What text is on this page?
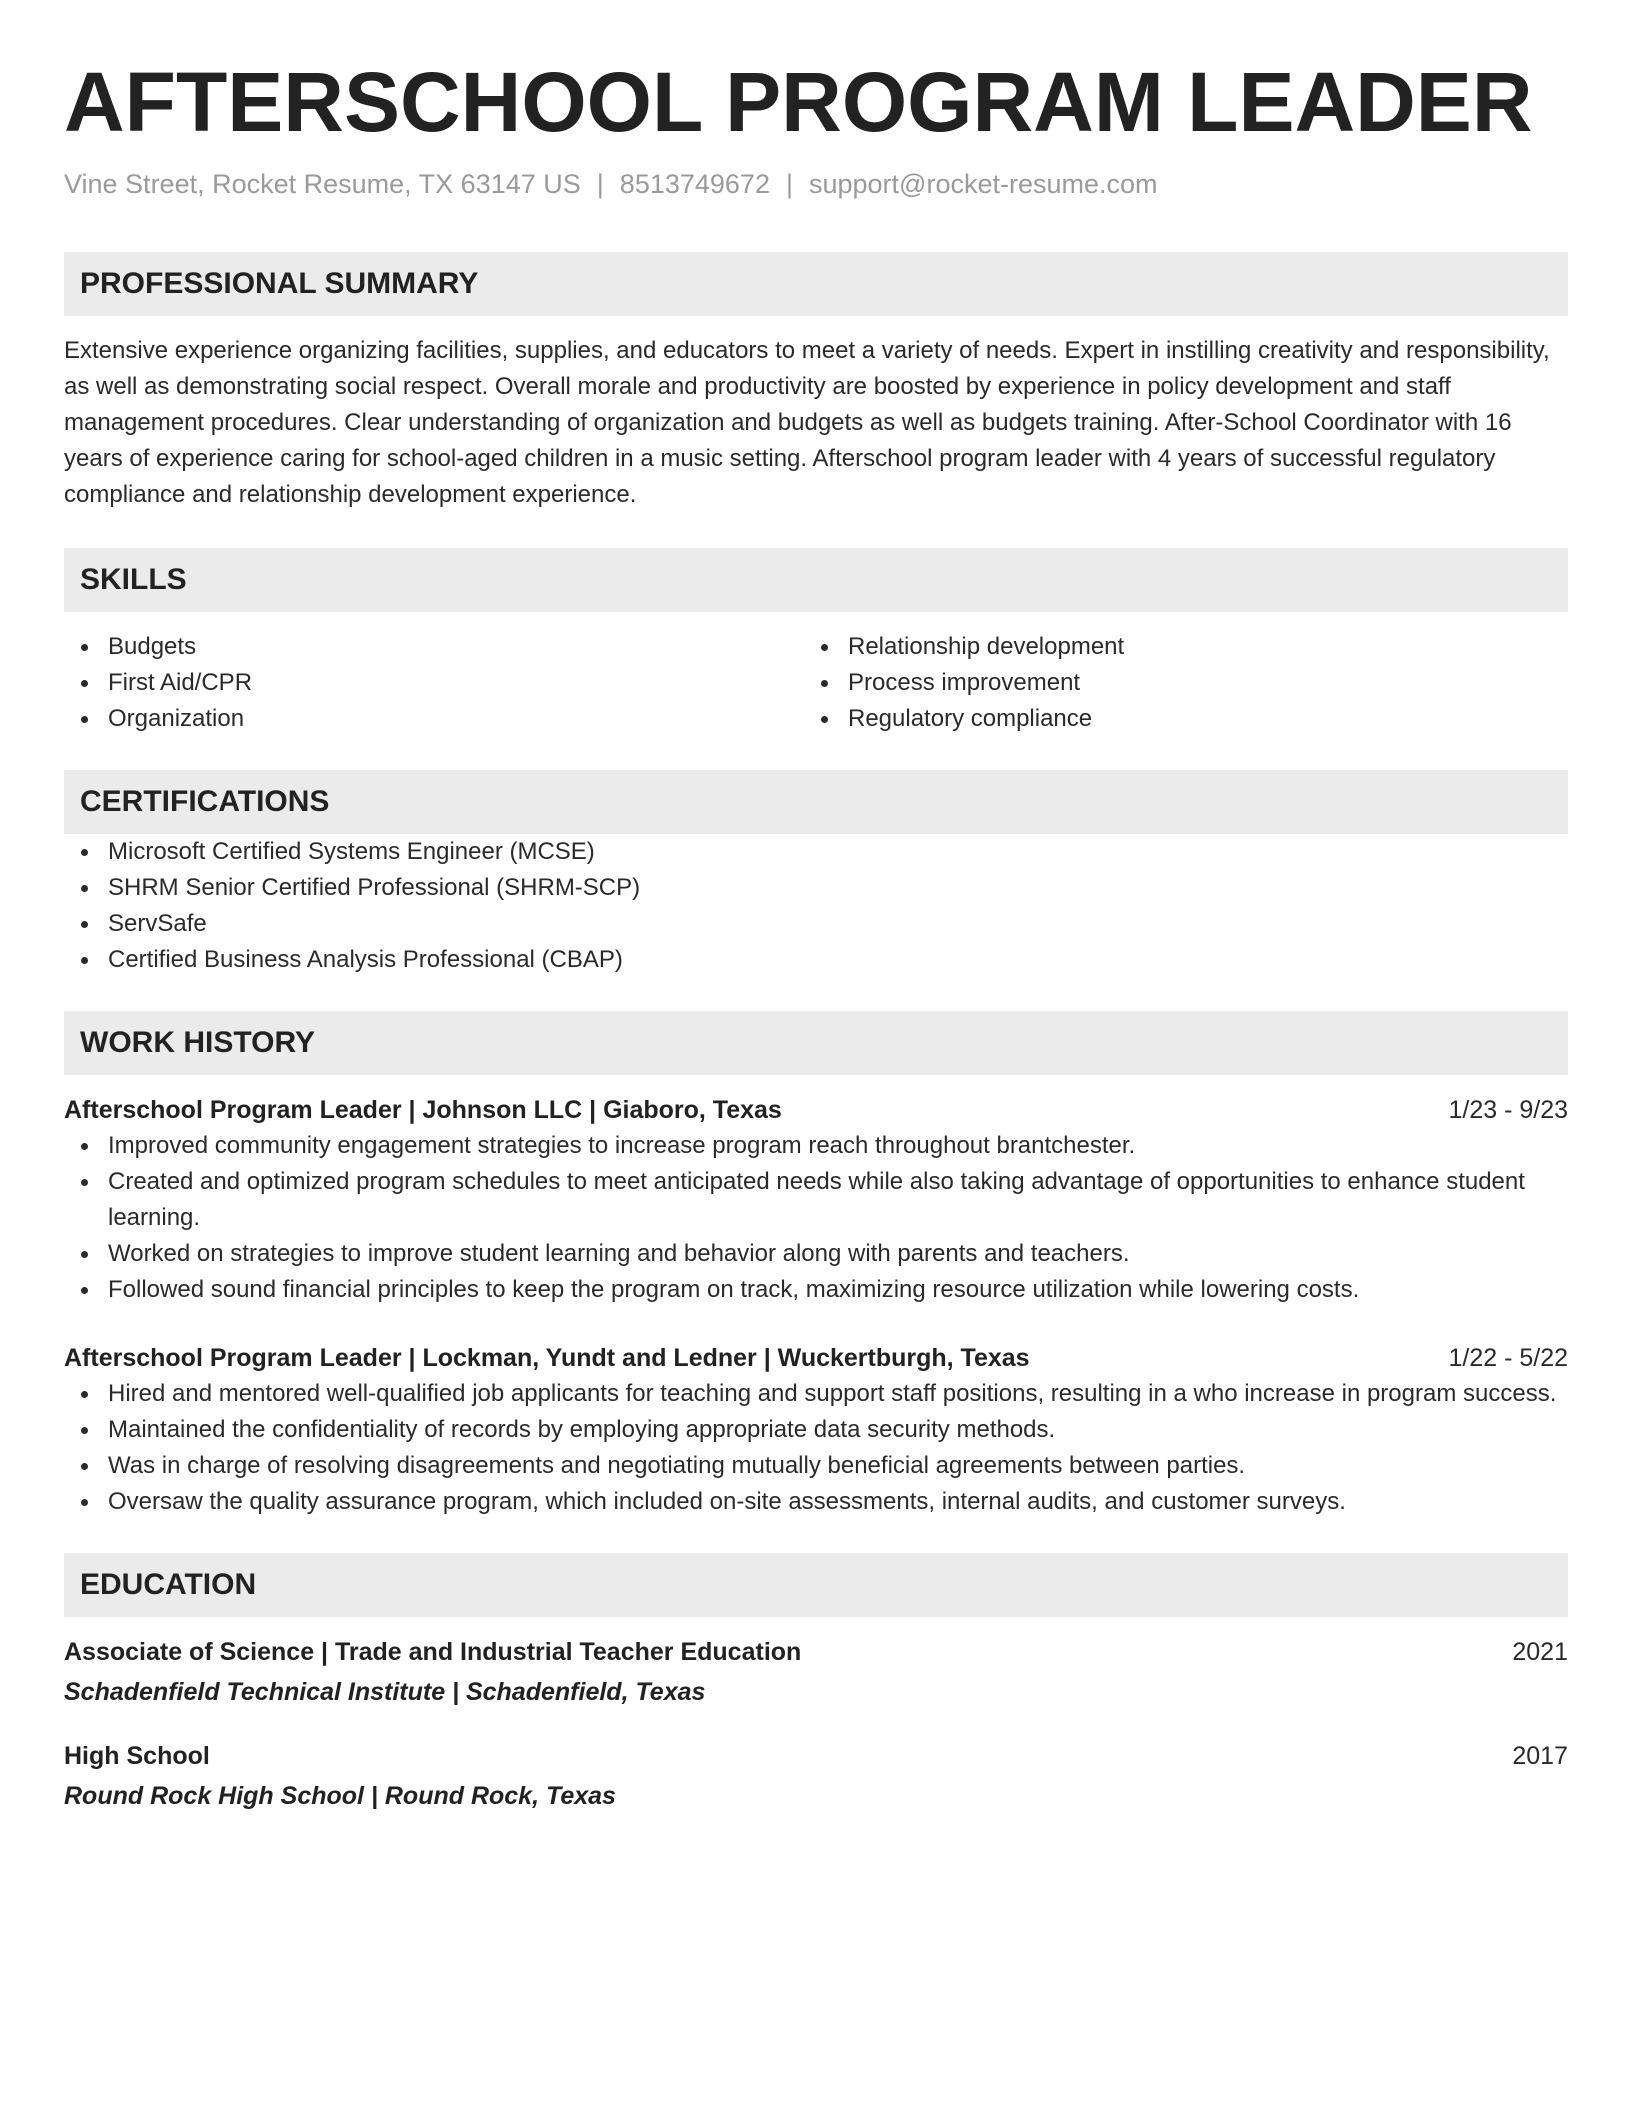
AFTERSCHOOL PROGRAM LEADER
Vine Street, Rocket Resume, TX 63147 US | 8513749672 | support@rocket-resume.com
PROFESSIONAL SUMMARY

Extensive experience organizing facilities, supplies, and educators to meet a variety of needs. Expert in instilling creativity and responsibility, as well as demonstrating social respect. Overall morale and productivity are boosted by experience in policy development and staff management procedures. Clear understanding of organization and budgets as well as budgets training. After-School Coordinator with 16 years of experience caring for school-aged children in a music setting. Afterschool program leader with 4 years of successful regulatory compliance and relationship development experience.

SKILLS
Budgets
First Aid/CPR
Organization
Relationship development
Process improvement
Regulatory compliance
CERTIFICATIONS
Microsoft Certified Systems Engineer (MCSE)
SHRM Senior Certified Professional (SHRM-SCP)
ServSafe
Certified Business Analysis Professional (CBAP)
WORK HISTORY
Afterschool Program Leader | Johnson LLC | Giaboro, Texas	1/23 - 9/23
Improved community engagement strategies to increase program reach throughout brantchester.
Created and optimized program schedules to meet anticipated needs while also taking advantage of opportunities to enhance student learning.
Worked on strategies to improve student learning and behavior along with parents and teachers.
Followed sound financial principles to keep the program on track, maximizing resource utilization while lowering costs.
Afterschool Program Leader | Lockman, Yundt and Ledner | Wuckertburgh, Texas	1/22 - 5/22
Hired and mentored well-qualified job applicants for teaching and support staff positions, resulting in a who increase in program success.
Maintained the confidentiality of records by employing appropriate data security methods.
Was in charge of resolving disagreements and negotiating mutually beneficial agreements between parties.
Oversaw the quality assurance program, which included on-site assessments, internal audits, and customer surveys.
EDUCATION
Associate of Science | Trade and Industrial Teacher Education	2021
Schadenfield Technical Institute | Schadenfield, Texas
High School	2017
Round Rock High School | Round Rock, Texas
